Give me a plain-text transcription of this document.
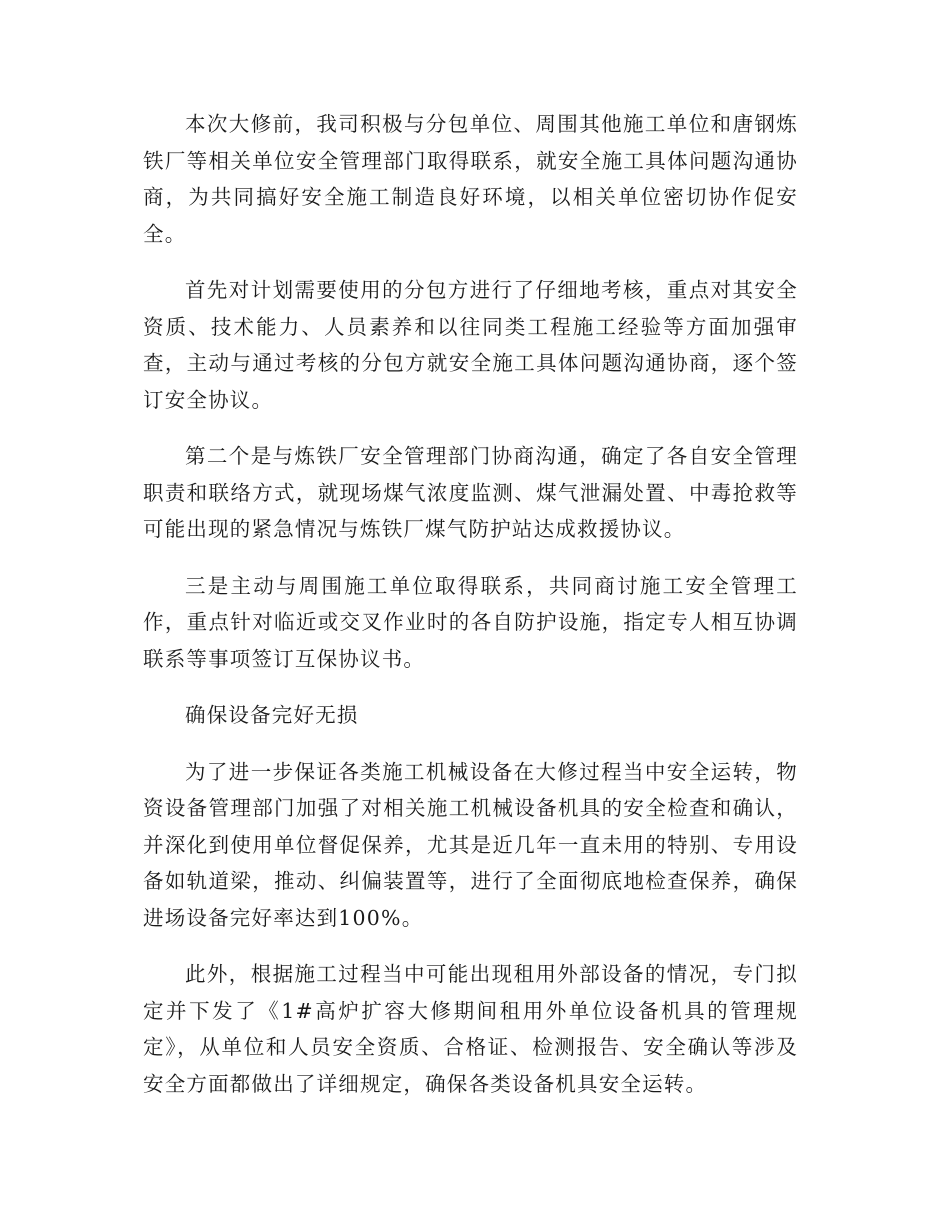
本次大修前，我司积极与分包单位、周围其他施工单位和唐钢炼铁厂等相关单位安全管理部门取得联系，就安全施工具体问题沟通协商，为共同搞好安全施工制造良好环境，以相关单位密切协作促安全。

首先对计划需要使用的分包方进行了仔细地考核，重点对其安全资质、技术能力、人员素养和以往同类工程施工经验等方面加强审查，主动与通过考核的分包方就安全施工具体问题沟通协商，逐个签订安全协议。

第二个是与炼铁厂安全管理部门协商沟通，确定了各自安全管理职责和联络方式，就现场煤气浓度监测、煤气泄漏处置、中毒抢救等可能出现的紧急情况与炼铁厂煤气防护站达成救援协议。

三是主动与周围施工单位取得联系，共同商讨施工安全管理工作，重点针对临近或交叉作业时的各自防护设施，指定专人相互协调联系等事项签订互保协议书。

确保设备完好无损

为了进一步保证各类施工机械设备在大修过程当中安全运转，物资设备管理部门加强了对相关施工机械设备机具的安全检查和确认，并深化到使用单位督促保养，尤其是近几年一直未用的特别、专用设备如轨道梁，推动、纠偏装置等，进行了全面彻底地检查保养，确保进场设备完好率达到100%。

此外，根据施工过程当中可能出现租用外部设备的情况，专门拟定并下发了《1#高炉扩容大修期间租用外单位设备机具的管理规定》，从单位和人员安全资质、合格证、检测报告、安全确认等涉及安全方面都做出了详细规定，确保各类设备机具安全运转。
